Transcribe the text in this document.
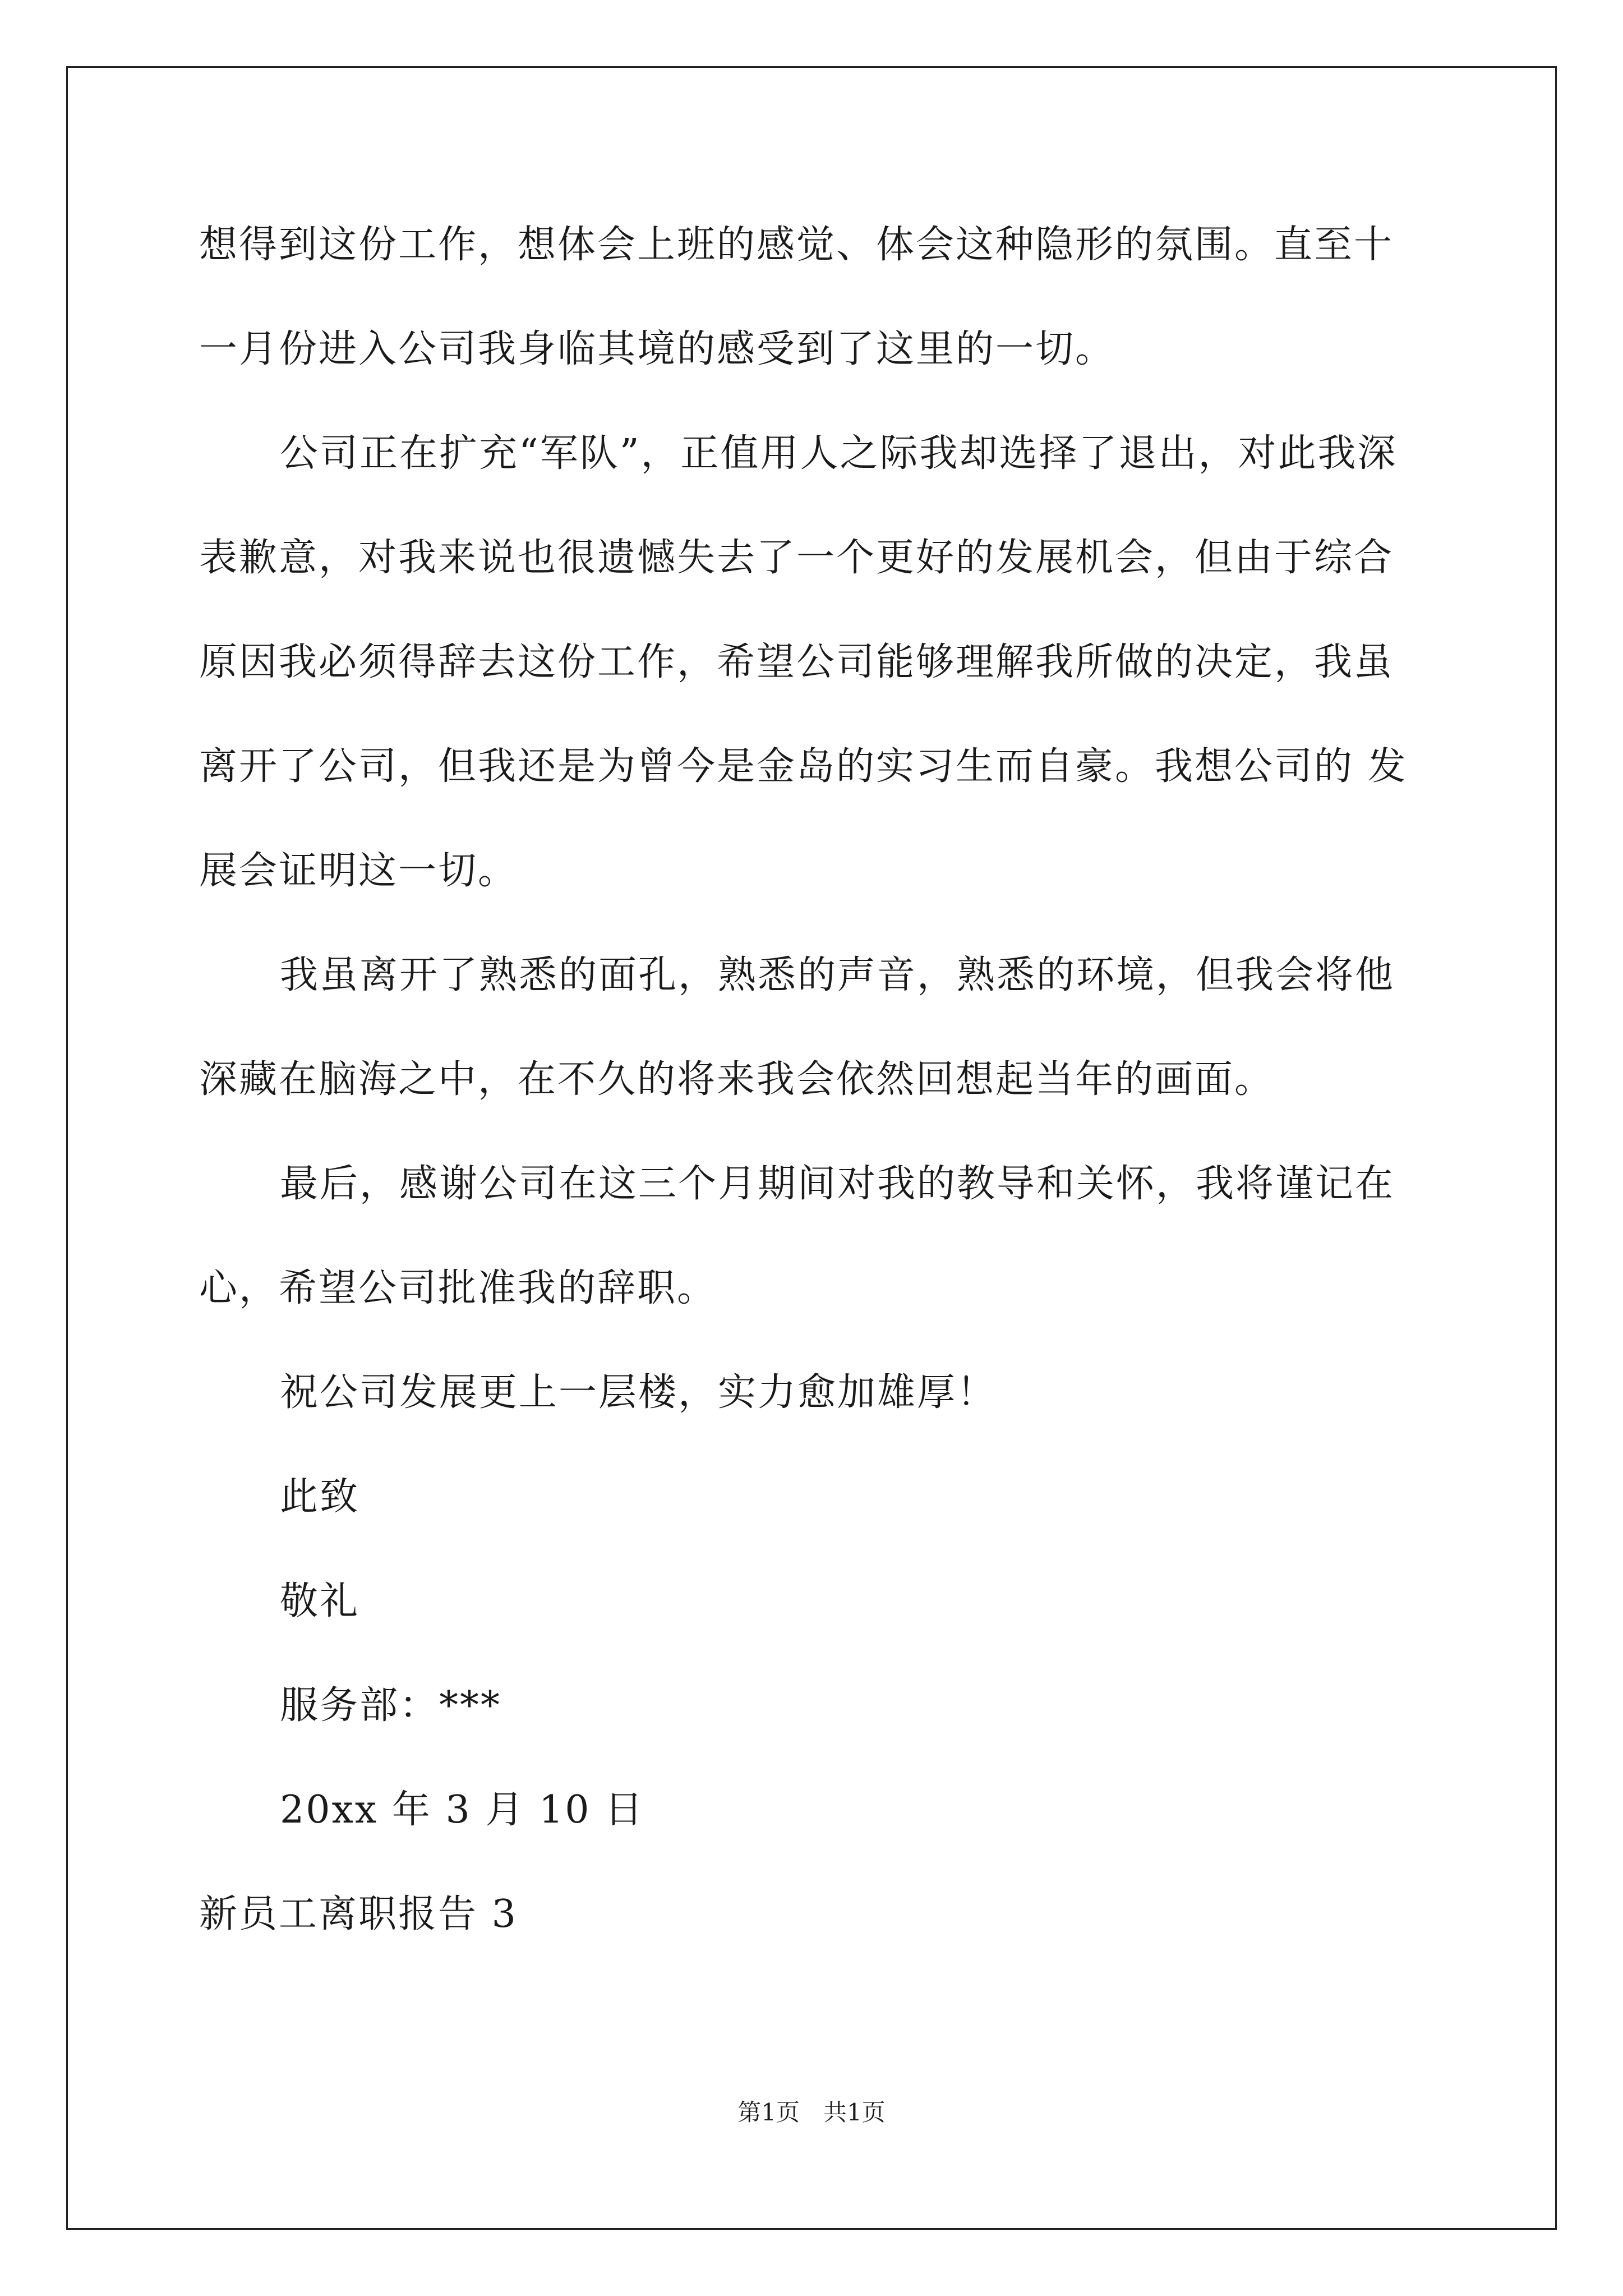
想得到这份工作，想体会上班的感觉、体会这种隐形的氛围。直至十
一月份进入公司我身临其境的感受到了这里的一切。
公司正在扩充“军队”，正值用人之际我却选择了退出，对此我深
表歉意，对我来说也很遗憾失去了一个更好的发展机会，但由于综合
原因我必须得辞去这份工作，希望公司能够理解我所做的决定，我虽
离开了公司，但我还是为曾今是金岛的实习生而自豪。我想公司的 发
展会证明这一切。
我虽离开了熟悉的面孔，熟悉的声音，熟悉的环境，但我会将他
深藏在脑海之中，在不久的将来我会依然回想起当年的画面。
最后，感谢公司在这三个月期间对我的教导和关怀，我将谨记在
心，希望公司批准我的辞职。
祝公司发展更上一层楼，实力愈加雄厚！
此致
敬礼
服务部：***
20xx 年 3 月 10 日
新员工离职报告 3
第1页　共1页
